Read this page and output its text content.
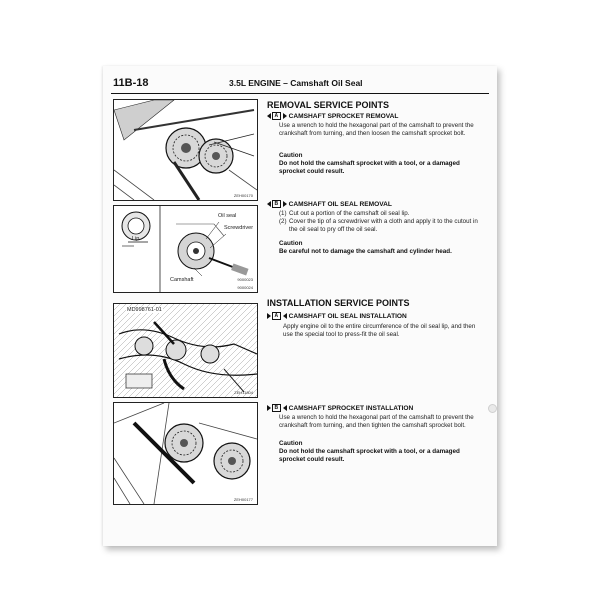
11B-18	3.5L ENGINE – Camshaft Oil Seal
ZEH00170
Oil seal
Screwdriver
Lip
Camshaft	9000023
9000024
MD998761-01
ZEH11804
ZEH00177
REMOVAL SERVICE POINTS
A	CAMSHAFT SPROCKET REMOVAL
Use a wrench to hold the hexagonal part of the camshaft to prevent the crankshaft from turning, and then loosen the camshaft sprocket bolt.
Caution
Do not hold the camshaft sprocket with a tool, or a damaged sprocket could result.
B	CAMSHAFT OIL SEAL REMOVAL
(1) Cut out a portion of the camshaft oil seal lip.
(2) Cover the tip of a screwdriver with a cloth and apply it to the cutout in the oil seal to pry off the oil seal.
Caution
Be careful not to damage the camshaft and cylinder head.
INSTALLATION SERVICE POINTS
A	CAMSHAFT OIL SEAL INSTALLATION
Apply engine oil to the entire circumference of the oil seal lip, and then use the special tool to press-fit the oil seal.
B	CAMSHAFT SPROCKET INSTALLATION
Use a wrench to hold the hexagonal part of the camshaft to prevent the crankshaft from turning, and then tighten the camshaft sprocket bolt.
Caution
Do not hold the camshaft sprocket with a tool, or a damaged sprocket could result.
